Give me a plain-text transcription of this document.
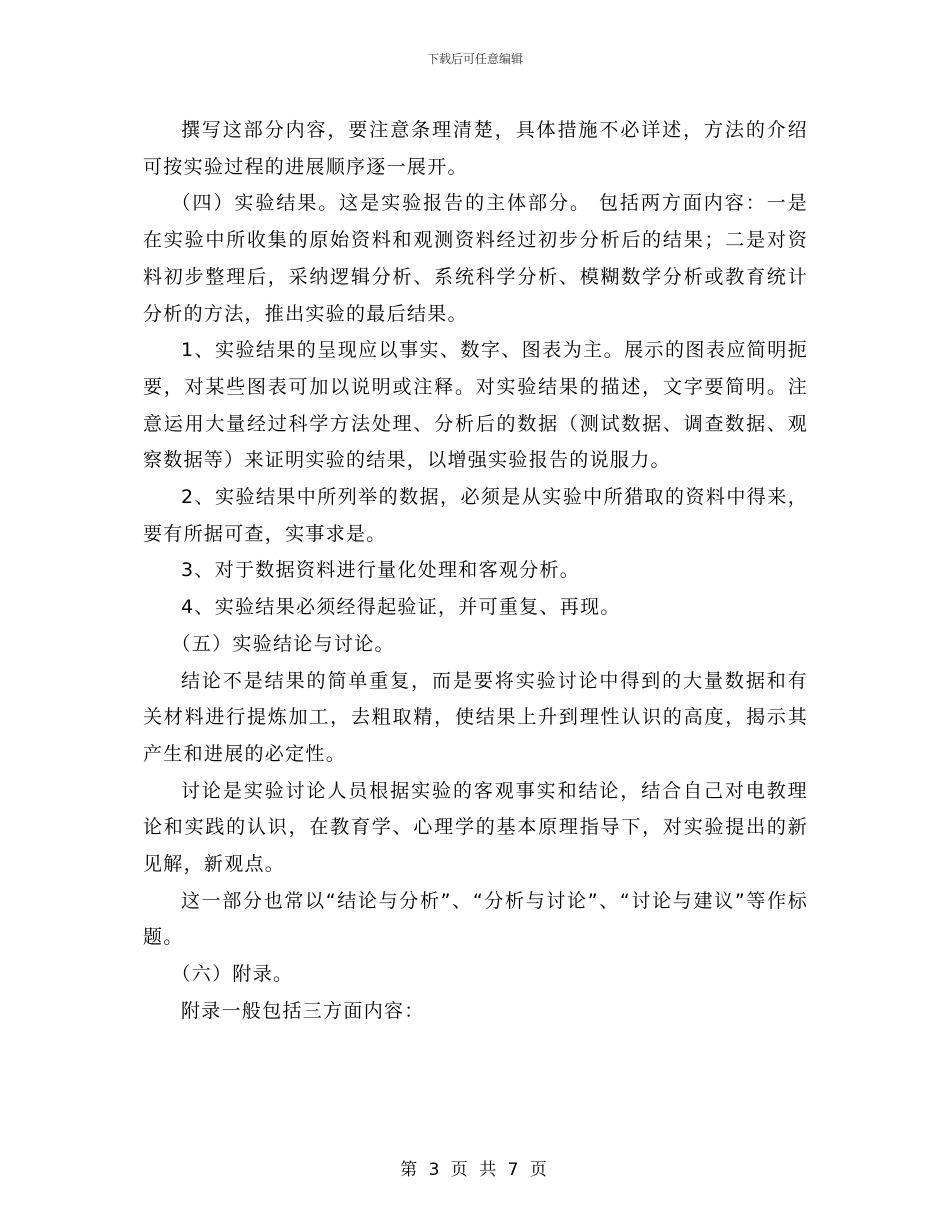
下载后可任意编辑

撰写这部分内容，要注意条理清楚，具体措施不必详述，方法的介绍可按实验过程的进展顺序逐一展开。

（四）实验结果。这是实验报告的主体部分。 包括两方面内容：一是在实验中所收集的原始资料和观测资料经过初步分析后的结果；二是对资料初步整理后，采纳逻辑分析、系统科学分析、模糊数学分析或教育统计分析的方法，推出实验的最后结果。

1、实验结果的呈现应以事实、数字、图表为主。展示的图表应简明扼要，对某些图表可加以说明或注释。对实验结果的描述，文字要简明。注意运用大量经过科学方法处理、分析后的数据（测试数据、调查数据、观察数据等）来证明实验的结果，以增强实验报告的说服力。

2、实验结果中所列举的数据，必须是从实验中所猎取的资料中得来，要有所据可查，实事求是。

3、对于数据资料进行量化处理和客观分析。

4、实验结果必须经得起验证，并可重复、再现。

（五）实验结论与讨论。

结论不是结果的简单重复，而是要将实验讨论中得到的大量数据和有关材料进行提炼加工，去粗取精，使结果上升到理性认识的高度，揭示其产生和进展的必定性。

讨论是实验讨论人员根据实验的客观事实和结论，结合自己对电教理论和实践的认识，在教育学、心理学的基本原理指导下，对实验提出的新见解，新观点。

这一部分也常以“结论与分析”、“分析与讨论”、“讨论与建议”等作标题。

（六）附录。

附录一般包括三方面内容：

第 3 页 共 7 页
